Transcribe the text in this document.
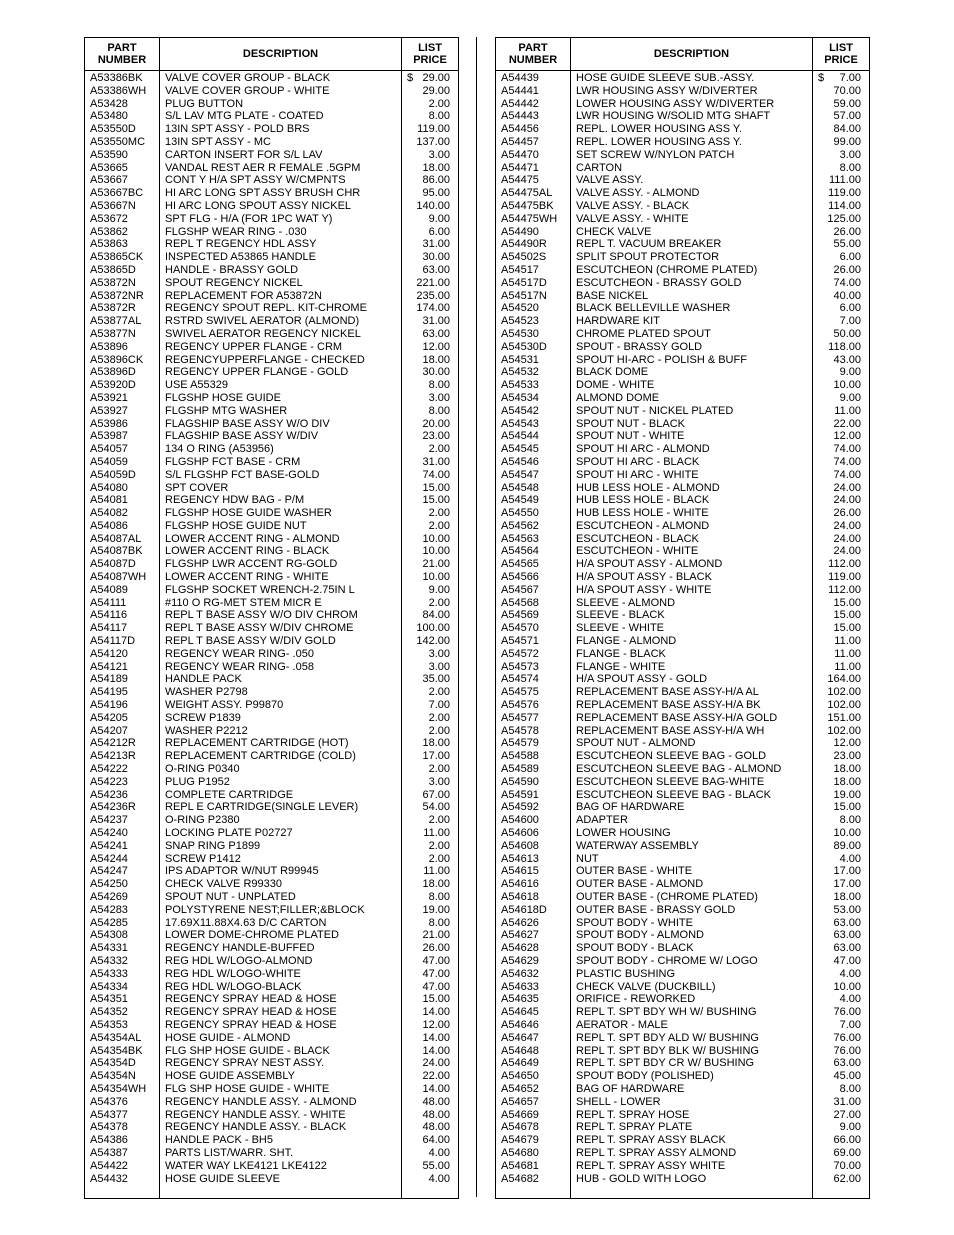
PART
NUMBER	DESCRIPTION	LIST
PRICE
A53386BK VALVE COVER GROUP - BLACK	$ 29.00
A53386WH VALVE COVER GROUP - WHITE	29.00
A53428	PLUG BUTTON	2.00
A53480	S/L LAV MTG PLATE - COATED	8.00
A53550D	13IN SPT ASSY - POLD BRS	119.00
A53550MC 13IN SPT ASSY - MC	137.00
A53590	CARTON INSERT FOR S/L LAV	3.00
A53665	VANDAL REST AER R FEMALE .5GPM	18.00
A53667	CONT Y H/A SPT ASSY W/CMPNTS	86.00
A53667BC HI ARC LONG SPT ASSY BRUSH CHR	95.00
A53667N	HI ARC LONG SPOUT ASSY NICKEL	140.00
A53672	SPT FLG - H/A (FOR 1PC WAT Y)	9.00
A53862	FLGSHP WEAR RING - .030	6.00
A53863	REPL T REGENCY HDL ASSY	31.00
A53865CK INSPECTED A53865 HANDLE	30.00
A53865D	HANDLE - BRASSY GOLD	63.00
A53872N	SPOUT REGENCY NICKEL	221.00
A53872NR REPLACEMENT FOR A53872N	235.00
A53872R	REGENCY SPOUT REPL. KIT-CHROME	174.00
A53877AL RSTRD SWIVEL AERATOR (ALMOND)	31.00
A53877N	SWIVEL AERATOR REGENCY NICKEL	63.00
A53896	REGENCY UPPER FLANGE - CRM	12.00
A53896CK REGENCYUPPERFLANGE - CHECKED	18.00
A53896D	REGENCY UPPER FLANGE - GOLD	30.00
A53920D	USE A55329	8.00
A53921	FLGSHP HOSE GUIDE	3.00
A53927	FLGSHP MTG WASHER	8.00
A53986	FLAGSHIP BASE ASSY W/O DIV	20.00
A53987	FLAGSHIP BASE ASSY W/DIV	23.00
A54057	134 O RING (A53956)	2.00
A54059	FLGSHP FCT BASE - CRM	31.00
A54059D	S/L FLGSHP FCT BASE-GOLD	74.00
A54080	SPT COVER	15.00
A54081	REGENCY HDW BAG - P/M	15.00
A54082	FLGSHP HOSE GUIDE WASHER	2.00
A54086	FLGSHP HOSE GUIDE NUT	2.00
A54087AL LOWER ACCENT RING - ALMOND	10.00
A54087BK LOWER ACCENT RING - BLACK	10.00
A54087D	FLGSHP LWR ACCENT RG-GOLD	21.00
A54087WH LOWER ACCENT RING - WHITE	10.00
A54089	FLGSHP SOCKET WRENCH-2.75IN L	9.00
A54111	#110 O RG-MET STEM MICR E	2.00
A54116	REPL T BASE ASSY W/O DIV CHROM	84.00
A54117	REPL T BASE ASSY W/DIV CHROME	100.00
A54117D	REPL T BASE ASSY W/DIV GOLD	142.00
A54120	REGENCY WEAR RING- .050	3.00
A54121	REGENCY WEAR RING- .058	3.00
A54189	HANDLE PACK	35.00
A54195	WASHER P2798	2.00
A54196	WEIGHT ASSY. P99870	7.00
A54205	SCREW P1839	2.00
A54207	WASHER P2212	2.00
A54212R	REPLACEMENT CARTRIDGE (HOT)	18.00
A54213R	REPLACEMENT CARTRIDGE (COLD)	17.00
A54222	O-RING P0340	2.00
A54223	PLUG P1952	3.00
A54236	COMPLETE CARTRIDGE	67.00
A54236R	REPL E CARTRIDGE(SINGLE LEVER)	54.00
A54237	O-RING P2380	2.00
A54240	LOCKING PLATE P02727	11.00
A54241	SNAP RING P1899	2.00
A54244	SCREW P1412	2.00
A54247	IPS ADAPTOR W/NUT R99945	11.00
A54250	CHECK VALVE R99330	18.00
A54269	SPOUT NUT - UNPLATED	8.00
A54283	POLYSTYRENE NEST;FILLER;&BLOCK	19.00
A54285	17.69X11.88X4.63 D/C CARTON	8.00
A54308	LOWER DOME-CHROME PLATED	21.00
A54331	REGENCY HANDLE-BUFFED	26.00
A54332	REG HDL W/LOGO-ALMOND	47.00
A54333	REG HDL W/LOGO-WHITE	47.00
A54334	REG HDL W/LOGO-BLACK	47.00
A54351	REGENCY SPRAY HEAD & HOSE	15.00
A54352	REGENCY SPRAY HEAD & HOSE	14.00
A54353	REGENCY SPRAY HEAD & HOSE	12.00
A54354AL HOSE GUIDE - ALMOND	14.00
A54354BK FLG SHP HOSE GUIDE - BLACK	14.00
A54354D	REGENCY SPRAY NEST ASSY.	24.00
A54354N	HOSE GUIDE ASSEMBLY	22.00
A54354WH FLG SHP HOSE GUIDE - WHITE	14.00
A54376	REGENCY HANDLE ASSY. - ALMOND	48.00
A54377	REGENCY HANDLE ASSY. - WHITE	48.00
A54378	REGENCY HANDLE ASSY. - BLACK	48.00
A54386	HANDLE PACK - BH5	64.00
A54387	PARTS LIST/WARR. SHT.	4.00
A54422	WATER WAY LKE4121 LKE4122	55.00
A54432	HOSE GUIDE SLEEVE	4.00
PART
NUMBER	DESCRIPTION	LIST
PRICE
A54439	HOSE GUIDE SLEEVE SUB.-ASSY.	$ 7.00
A54441	LWR HOUSING ASSY W/DIVERTER	70.00
A54442	LOWER HOUSING ASSY W/DIVERTER	59.00
A54443	LWR HOUSING W/SOLID MTG SHAFT	57.00
A54456	REPL. LOWER HOUSING ASS Y.	84.00
A54457	REPL. LOWER HOUSING ASS Y.	99.00
A54470	SET SCREW W/NYLON PATCH	3.00
A54471	CARTON	8.00
A54475	VALVE ASSY.	111.00
A54475AL VALVE ASSY. - ALMOND	119.00
A54475BK VALVE ASSY. - BLACK	114.00
A54475WH VALVE ASSY. - WHITE	125.00
A54490	CHECK VALVE	26.00
A54490R	REPL T. VACUUM BREAKER	55.00
A54502S	SPLIT SPOUT PROTECTOR	6.00
A54517	ESCUTCHEON (CHROME PLATED)	26.00
A54517D	ESCUTCHEON - BRASSY GOLD	74.00
A54517N	BASE NICKEL	40.00
A54520	BLACK BELLEVILLE WASHER	6.00
A54523	HARDWARE KIT	7.00
A54530	CHROME PLATED SPOUT	50.00
A54530D	SPOUT - BRASSY GOLD	118.00
A54531	SPOUT HI-ARC - POLISH & BUFF	43.00
A54532	BLACK DOME	9.00
A54533	DOME - WHITE	10.00
A54534	ALMOND DOME	9.00
A54542	SPOUT NUT - NICKEL PLATED	11.00
A54543	SPOUT NUT - BLACK	22.00
A54544	SPOUT NUT - WHITE	12.00
A54545	SPOUT HI ARC - ALMOND	74.00
A54546	SPOUT HI ARC - BLACK	74.00
A54547	SPOUT HI ARC - WHITE	74.00
A54548	HUB LESS HOLE - ALMOND	24.00
A54549	HUB LESS HOLE - BLACK	24.00
A54550	HUB LESS HOLE - WHITE	26.00
A54562	ESCUTCHEON - ALMOND	24.00
A54563	ESCUTCHEON - BLACK	24.00
A54564	ESCUTCHEON - WHITE	24.00
A54565	H/A SPOUT ASSY - ALMOND	112.00
A54566	H/A SPOUT ASSY - BLACK	119.00
A54567	H/A SPOUT ASSY - WHITE	112.00
A54568	SLEEVE - ALMOND	15.00
A54569	SLEEVE - BLACK	15.00
A54570	SLEEVE - WHITE	15.00
A54571	FLANGE - ALMOND	11.00
A54572	FLANGE - BLACK	11.00
A54573	FLANGE - WHITE	11.00
A54574	H/A SPOUT ASSY - GOLD	164.00
A54575	REPLACEMENT BASE ASSY-H/A AL	102.00
A54576	REPLACEMENT BASE ASSY-H/A BK	102.00
A54577	REPLACEMENT BASE ASSY-H/A GOLD	151.00
A54578	REPLACEMENT BASE ASSY-H/A WH	102.00
A54579	SPOUT NUT - ALMOND	12.00
A54588	ESCUTCHEON SLEEVE BAG - GOLD	23.00
A54589	ESCUTCHEON SLEEVE BAG - ALMOND	18.00
A54590	ESCUTCHEON SLEEVE BAG-WHITE	18.00
A54591	ESCUTCHEON SLEEVE BAG - BLACK	19.00
A54592	BAG OF HARDWARE	15.00
A54600	ADAPTER	8.00
A54606	LOWER HOUSING	10.00
A54608	WATERWAY ASSEMBLY	89.00
A54613	NUT	4.00
A54615	OUTER BASE - WHITE	17.00
A54616	OUTER BASE - ALMOND	17.00
A54618	OUTER BASE - (CHROME PLATED)	18.00
A54618D	OUTER BASE - BRASSY GOLD	53.00
A54626	SPOUT BODY - WHITE	63.00
A54627	SPOUT BODY - ALMOND	63.00
A54628	SPOUT BODY - BLACK	63.00
A54629	SPOUT BODY - CHROME W/ LOGO	47.00
A54632	PLASTIC BUSHING	4.00
A54633	CHECK VALVE (DUCKBILL)	10.00
A54635	ORIFICE - REWORKED	4.00
A54645	REPL T. SPT BDY WH W/ BUSHING	76.00
A54646	AERATOR - MALE	7.00
A54647	REPL T. SPT BDY ALD W/ BUSHING	76.00
A54648	REPL T. SPT BDY BLK W/ BUSHING	76.00
A54649	REPL T. SPT BDY CR W/ BUSHING	63.00
A54650	SPOUT BODY (POLISHED)	45.00
A54652	BAG OF HARDWARE	8.00
A54657	SHELL - LOWER	31.00
A54669	REPL T. SPRAY HOSE	27.00
A54678	REPL T. SPRAY PLATE	9.00
A54679	REPL T. SPRAY ASSY BLACK	66.00
A54680	REPL T. SPRAY ASSY ALMOND	69.00
A54681	REPL T. SPRAY ASSY WHITE	70.00
A54682	HUB - GOLD WITH LOGO	62.00
